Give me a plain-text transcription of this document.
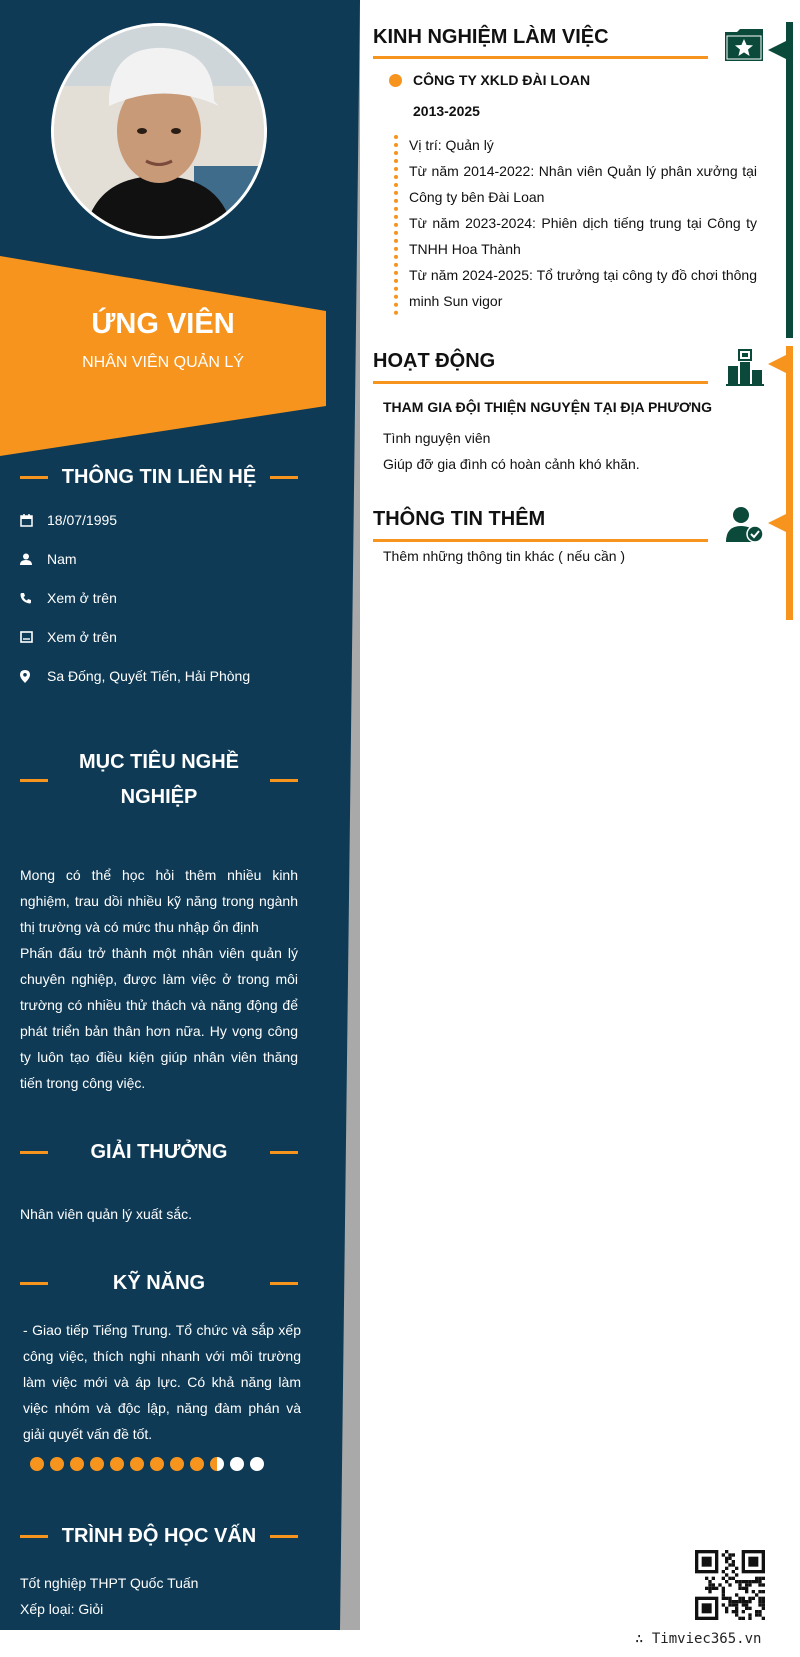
ỨNG VIÊN
NHÂN VIÊN QUẢN LÝ
THÔNG TIN LIÊN HỆ
18/07/1995
Nam
Xem ở trên
Xem ở trên
Sa Đống, Quyết Tiến, Hải Phòng
MỤC TIÊU NGHỀ NGHIỆP
Mong có thể học hỏi thêm nhiều kinh nghiệm, trau dồi nhiều kỹ năng trong ngành thị trường và có mức thu nhập ổn định
Phấn đấu trở thành một nhân viên quản lý chuyên nghiệp, được làm việc ở trong môi trường có nhiều thử thách và năng động để phát triển bản thân hơn nữa. Hy vọng công ty luôn tạo điều kiện giúp nhân viên thăng tiến trong công việc.
GIẢI THƯỞNG
Nhân viên quản lý xuất sắc.
KỸ NĂNG
- Giao tiếp Tiếng Trung. Tổ chức và sắp xếp công việc, thích nghi nhanh với môi trường làm việc mới và áp lực. Có khả năng làm việc nhóm và độc lập, năng đàm phán và giải quyết vấn đề tốt.
TRÌNH ĐỘ HỌC VẤN
Tốt nghiệp THPT Quốc Tuấn
Xếp loại: Giỏi
KINH NGHIỆM LÀM VIỆC
CÔNG TY XKLD ĐÀI LOAN
2013-2025
Vị trí: Quản lý
Từ năm 2014-2022: Nhân viên Quản lý phân xưởng tại Công ty bên Đài Loan
Từ năm 2023-2024: Phiên dịch tiếng trung tại Công ty TNHH Hoa Thành
Từ năm 2024-2025: Tổ trưởng tại công ty đồ chơi thông minh Sun vigor
HOẠT ĐỘNG
THAM GIA ĐỘI THIỆN NGUYỆN TẠI ĐỊA PHƯƠNG
Tình nguyện viên
Giúp đỡ gia đình có hoàn cảnh khó khăn.
THÔNG TIN THÊM
Thêm những thông tin khác ( nếu cần )
∴ Timviec365.vn
